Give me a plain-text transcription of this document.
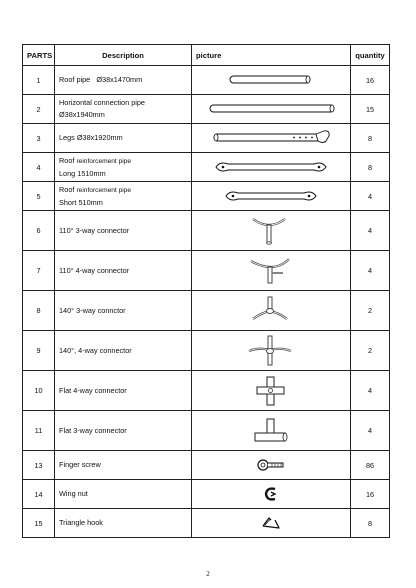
PARTS	Description	picture	quantity
1	Roof pipe Ø38x1470mm		16
2	Horizontal connection pipe
Ø38x1940mm		15
3	Legs Ø38x1920mm		8
4	Roof reinforcement pipe
Long 1510mm		8
5	Roof reinforcement pipe
Short 510mm		4
6	110° 3-way connector		4
7	110° 4-way connector		4
8	140° 3-way connctor		2
9	140°, 4-way connector		2
10	Flat 4-way connector		4
11	Flat 3-way connector		4
13	Finger screw		86
14	Wing nut		16
15	Triangle hook		8
2
